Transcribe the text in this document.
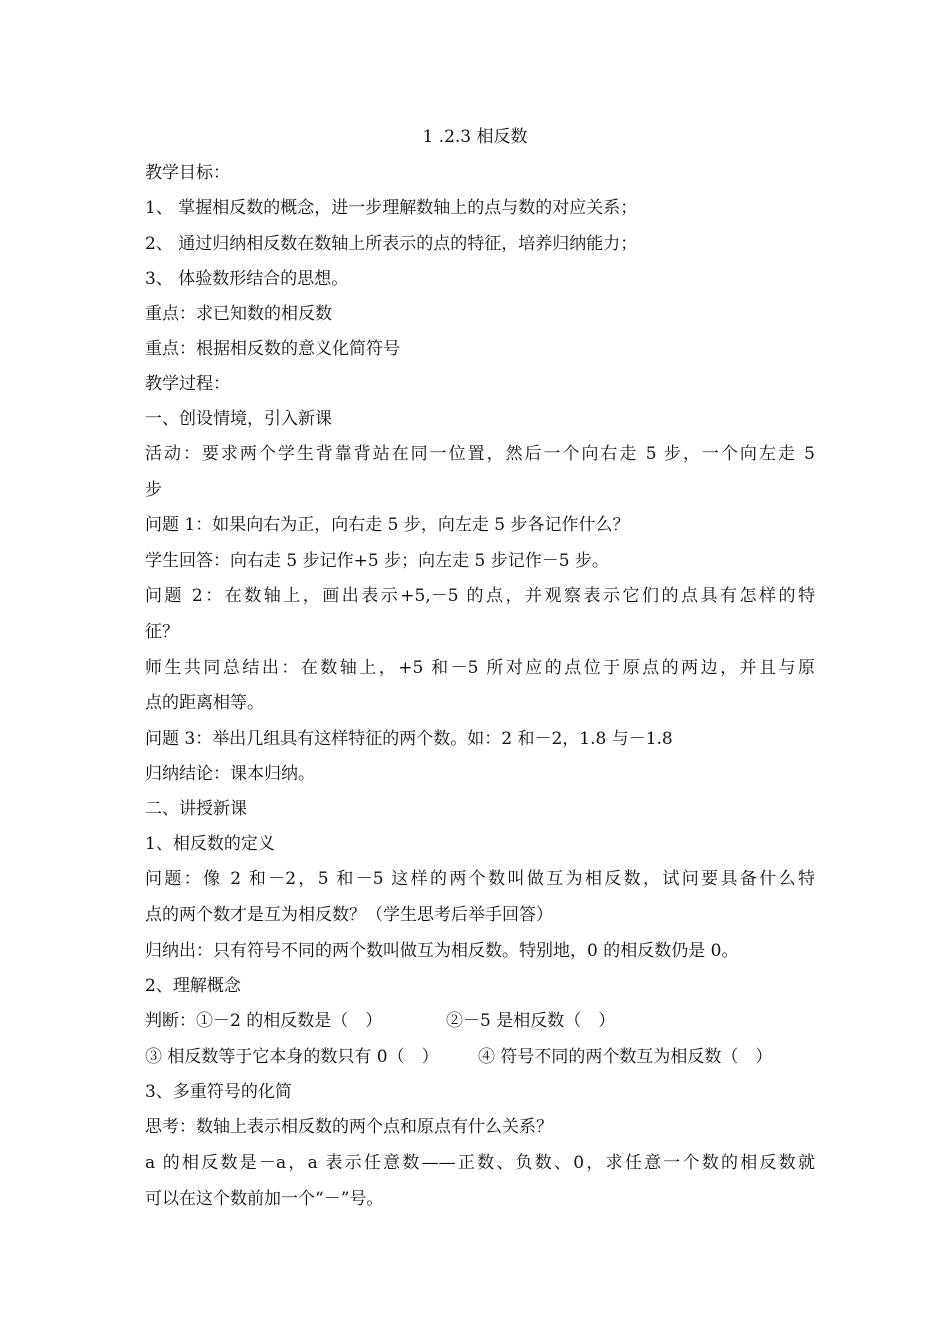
1 .2.3 相反数
教学目标：
1、 掌握相反数的概念，进一步理解数轴上的点与数的对应关系；
2、 通过归纳相反数在数轴上所表示的点的特征，培养归纳能力；
3、 体验数形结合的思想。
重点：求已知数的相反数
重点：根据相反数的意义化简符号
教学过程：
一、创设情境，引入新课
活动：要求两个学生背靠背站在同一位置，然后一个向右走 5 步，一个向左走 5
步
问题 1：如果向右为正，向右走 5 步，向左走 5 步各记作什么？
学生回答：向右走 5 步记作+5 步；向左走 5 步记作－5 步。
问题 2：在数轴上，画出表示+5,－5 的点，并观察表示它们的点具有怎样的特
征？
师生共同总结出：在数轴上，+5 和－5 所对应的点位于原点的两边，并且与原
点的距离相等。
问题 3：举出几组具有这样特征的两个数。如：2 和－2，1.8 与－1.8
归纳结论：课本归纳。
二、讲授新课
1、相反数的定义
问题：像 2 和－2，5 和－5 这样的两个数叫做互为相反数，试问要具备什么特
点的两个数才是互为相反数？（学生思考后举手回答）
归纳出：只有符号不同的两个数叫做互为相反数。特别地，0 的相反数仍是 0。
2、理解概念
判断：①－2 的相反数是（　）	②－5 是相反数（　）
③ 相反数等于它本身的数只有 0（　） ④ 符号不同的两个数互为相反数（　）
3、多重符号的化简
思考：数轴上表示相反数的两个点和原点有什么关系？
a 的相反数是－a，a 表示任意数——正数、负数、0，求任意一个数的相反数就
可以在这个数前加一个“－”号。
